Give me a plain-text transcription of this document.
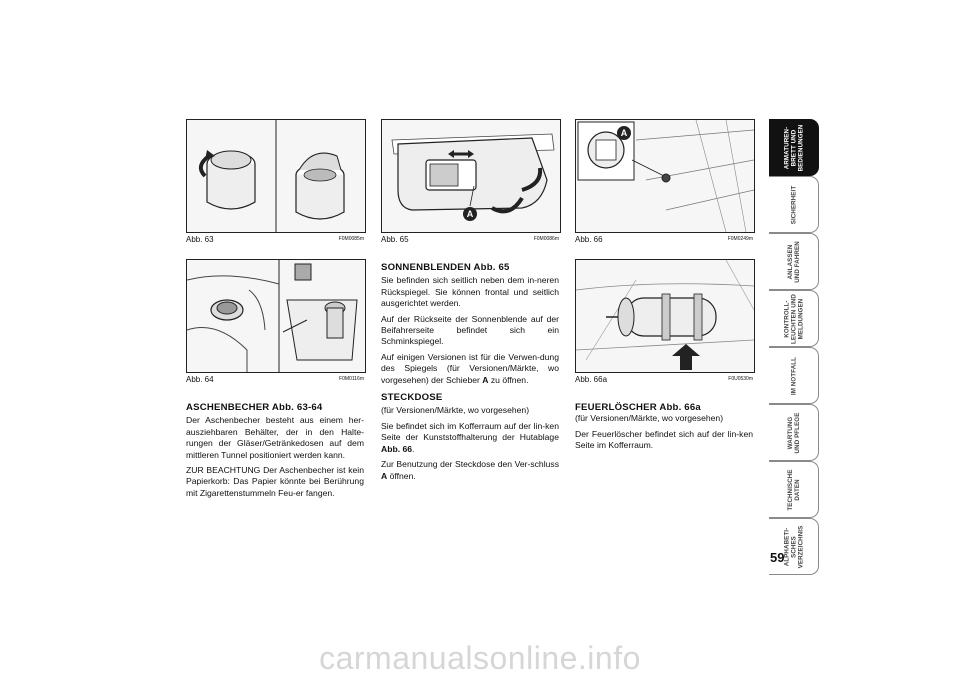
Abb. 63	F0M0085m
Abb. 64	F0M0116m
A
Abb. 65	F0M0086m
A
Abb. 66	F0M0249m
Abb. 66a	F0U0530m

ASCHENBECHER Abb. 63-64

Der Aschenbecher besteht aus einem her-ausziehbaren Behälter, der in den Halte-rungen der Gläser/Getränkedosen auf dem mittleren Tunnel positioniert werden kann.

ZUR BEACHTUNG Der Aschenbecher ist kein Papierkorb: Das Papier könnte bei Berührung mit Zigarettenstummeln Feu-er fangen.

SONNENBLENDEN Abb. 65

Sie befinden sich seitlich neben dem in-neren Rückspiegel. Sie können frontal und seitlich ausgerichtet werden.

Auf der Rückseite der Sonnenblende auf der Beifahrerseite befindet sich ein Schminkspiegel.

Auf einigen Versionen ist für die Verwen-dung des Spiegels (für Versionen/Märkte, wo vorgesehen) der Schieber A zu öffnen.

STECKDOSE

(für Versionen/Märkte, wo vorgesehen)

Sie befindet sich im Kofferraum auf der lin-ken Seite der Kunststoffhalterung der Hutablage Abb. 66.

Zur Benutzung der Steckdose den Ver-schluss A öffnen.

FEUERLÖSCHER Abb. 66a

(für Versionen/Märkte, wo vorgesehen)

Der Feuerlöscher befindet sich auf der lin-ken Seite im Kofferraum.

ARMATUREN-
BRETT UND
BEDIENUNGEN
SICHERHEIT
ANLASSEN
UND FAHREN
KONTROLL-
LEUCHTEN UND
MELDUNGEN
IM NOTFALL
WARTUNG
UND PFLEGE
TECHNISCHE
DATEN
ALPHABETI-
SCHES
VERZEICHNIS
59
carmanualsonline.info
